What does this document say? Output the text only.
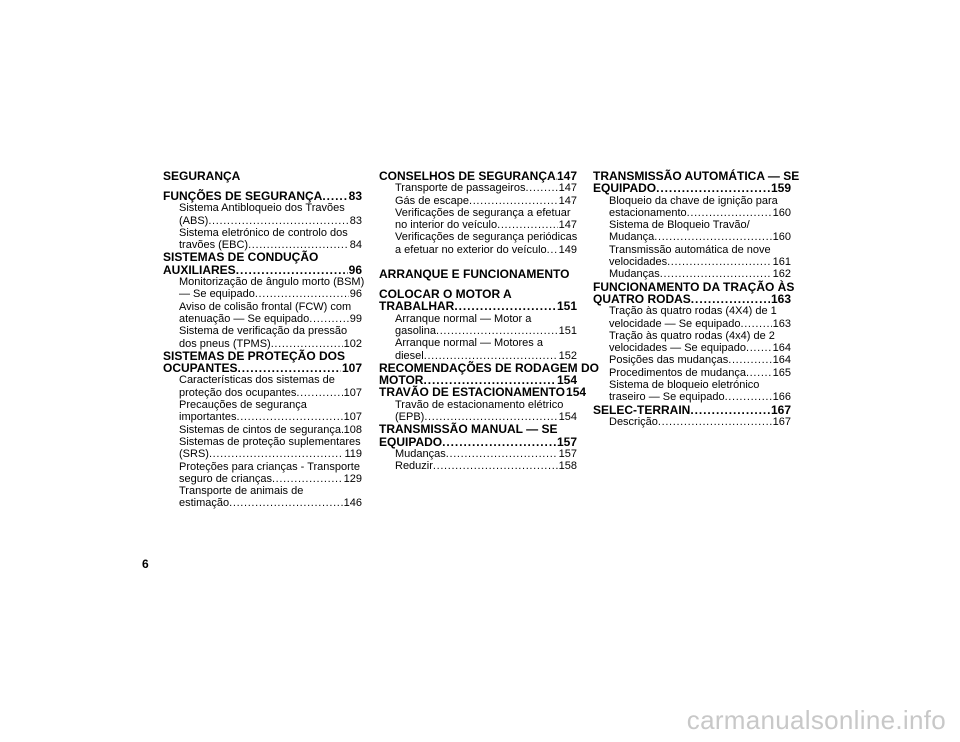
SEGURANÇA
FUNÇÕES DE SEGURANÇA . . . 83
Sistema Antibloqueio dos Travões
(ABS) . . .	83
Sistema eletrónico de controlo dos
travões (EBC) . . .	84
SISTEMAS DE CONDUÇÃO
AUXILIARES . . .	96
Monitorização de ângulo morto (BSM)
— Se equipado . . .	96
Aviso de colisão frontal (FCW) com
atenuação — Se equipado . . .	99
Sistema de verificação da pressão
dos pneus (TPMS) . . .	102
SISTEMAS DE PROTEÇÃO DOS
OCUPANTES . . .	107
Características dos sistemas de
proteção dos ocupantes . . .	107
Precauções de segurança
importantes . . .	107
Sistemas de cintos de segurança . . . 108
Sistemas de proteção suplementares
(SRS) . . .	119
Proteções para crianças - Transporte
seguro de crianças . . .	129
Transporte de animais de
estimação . . .	146
CONSELHOS DE SEGURANÇA . . . 147
Transporte de passageiros . . .	147
Gás de escape . . .	147
Verificações de segurança a efetuar
no interior do veículo . . .	147
Verificações de segurança periódicas
a efetuar no exterior do veículo . . . 149
ARRANQUE E FUNCIONAMENTO
COLOCAR O MOTOR A
TRABALHAR . . .	151
Arranque normal — Motor a
gasolina . . .	151
Arranque normal — Motores a
diesel . . .	152
RECOMENDAÇÕES DE RODAGEM DO
MOTOR . . .	154
TRAVÃO DE ESTACIONAMENTO 154
Travão de estacionamento elétrico
(EPB) . . .	154
TRANSMISSÃO MANUAL — SE
EQUIPADO . . .	157
Mudanças . . .	157
Reduzir . . .	158
TRANSMISSÃO AUTOMÁTICA — SE
EQUIPADO . . .	159
Bloqueio da chave de ignição para
estacionamento . . .	160
Sistema de Bloqueio Travão/
Mudança . . .	160
Transmissão automática de nove
velocidades . . .	161
Mudanças . . .	162
FUNCIONAMENTO DA TRAÇÃO ÀS
QUATRO RODAS . . .	163
Tração às quatro rodas (4X4) de 1
velocidade — Se equipado . . .	163
Tração às quatro rodas (4x4) de 2
velocidades — Se equipado . . . 164
Posições das mudanças . . .	164
Procedimentos de mudança . . . 165
Sistema de bloqueio eletrónico
traseiro — Se equipado . . .	166
SELEC-TERRAIN . . .	167
Descrição . . .	167
6
carmanualsonline.info
